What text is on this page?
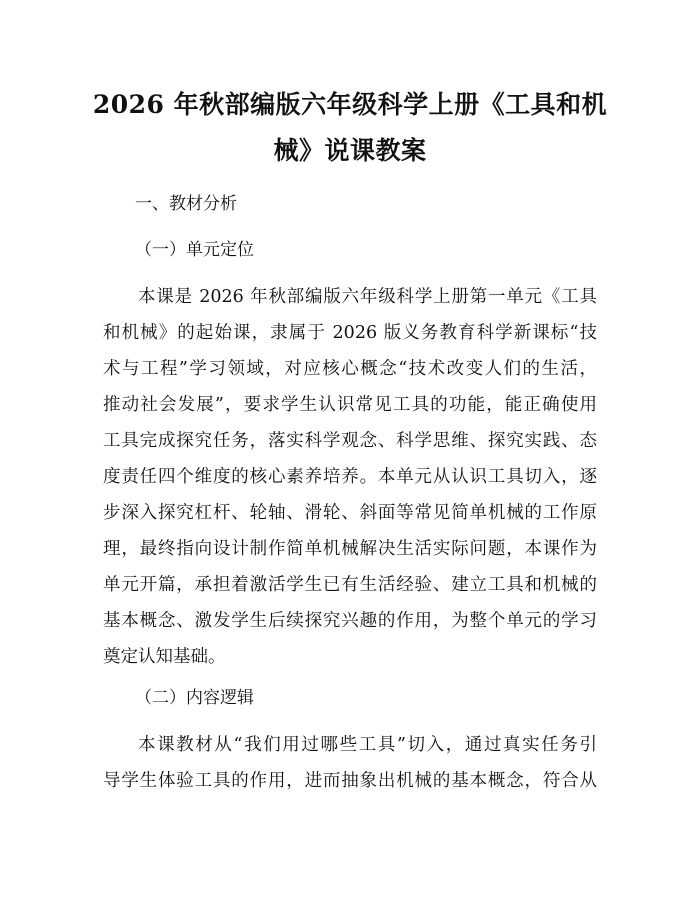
2026 年秋部编版六年级科学上册《工具和机
械》说课教案

一、教材分析

（一）单元定位

本课是 2026 年秋部编版六年级科学上册第一单元《工具

和机械》的起始课，隶属于 2026 版义务教育科学新课标“技

术与工程”学习领域，对应核心概念“技术改变人们的生活，

推动社会发展”，要求学生认识常见工具的功能，能正确使用

工具完成探究任务，落实科学观念、科学思维、探究实践、态

度责任四个维度的核心素养培养。本单元从认识工具切入，逐

步深入探究杠杆、轮轴、滑轮、斜面等常见简单机械的工作原

理，最终指向设计制作简单机械解决生活实际问题，本课作为

单元开篇，承担着激活学生已有生活经验、建立工具和机械的

基本概念、激发学生后续探究兴趣的作用，为整个单元的学习

奠定认知基础。

（二）内容逻辑

本课教材从“我们用过哪些工具”切入，通过真实任务引

导学生体验工具的作用，进而抽象出机械的基本概念，符合从
